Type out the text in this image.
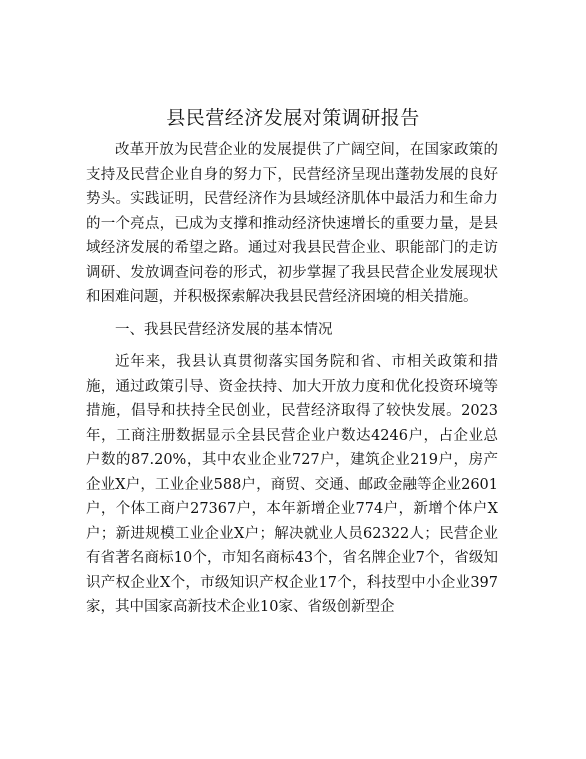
县民营经济发展对策调研报告

改革开放为民营企业的发展提供了广阔空间，在国家政策的支持及民营企业自身的努力下，民营经济呈现出蓬勃发展的良好势头。实践证明，民营经济作为县域经济肌体中最活力和生命力的一个亮点，已成为支撑和推动经济快速增长的重要力量，是县域经济发展的希望之路。通过对我县民营企业、职能部门的走访调研、发放调查问卷的形式，初步掌握了我县民营企业发展现状和困难问题，并积极探索解决我县民营经济困境的相关措施。

一、我县民营经济发展的基本情况

近年来，我县认真贯彻落实国务院和省、市相关政策和措施，通过政策引导、资金扶持、加大开放力度和优化投资环境等措施，倡导和扶持全民创业，民营经济取得了较快发展。2023年，工商注册数据显示全县民营企业户数达4246户，占企业总户数的87.20%，其中农业企业727户，建筑企业219户，房产企业X户，工业企业588户，商贸、交通、邮政金融等企业2601户，个体工商户27367户，本年新增企业774户，新增个体户X户；新进规模工业企业X户；解决就业人员62322人；民营企业有省著名商标10个，市知名商标43个，省名牌企业7个，省级知识产权企业X个，市级知识产权企业17个，科技型中小企业397家，其中国家高新技术企业10家、省级创新型企
